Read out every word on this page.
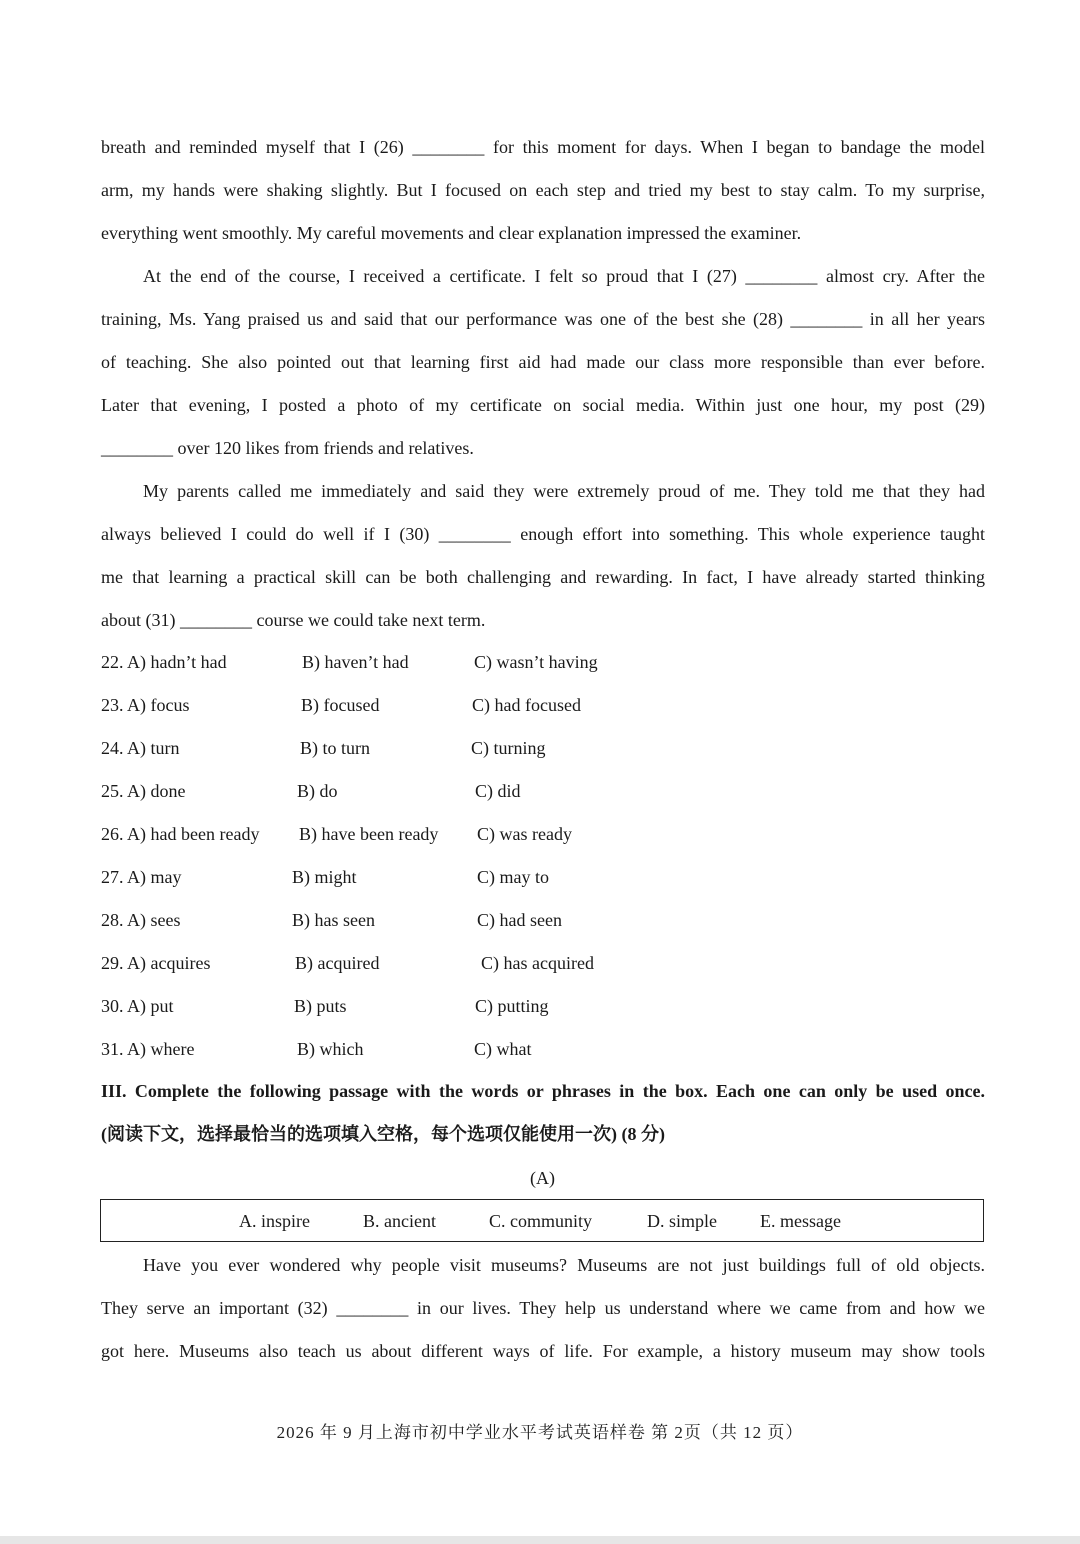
breath and reminded myself that I (26) ________ for this moment for days. When I began to bandage the model
arm, my hands were shaking slightly. But I focused on each step and tried my best to stay calm. To my surprise,
everything went smoothly. My careful movements and clear explanation impressed the examiner.
At the end of the course, I received a certificate. I felt so proud that I (27) ________ almost cry. After the
training, Ms. Yang praised us and said that our performance was one of the best she (28) ________ in all her years
of teaching. She also pointed out that learning first aid had made our class more responsible than ever before.
Later that evening, I posted a photo of my certificate on social media. Within just one hour, my post (29)
________ over 120 likes from friends and relatives.
My parents called me immediately and said they were extremely proud of me. They told me that they had
always believed I could do well if I (30) ________ enough effort into something. This whole experience taught
me that learning a practical skill can be both challenging and rewarding. In fact, I have already started thinking
about (31) ________ course we could take next term.
22. A) hadn’t had	B) haven’t had	C) wasn’t having
23. A) focus	B) focused	C) had focused
24. A) turn	B) to turn	C) turning
25. A) done	B) do	C) did
26. A) had been ready B) have been ready C) was ready
27. A) may	B) might	C) may to
28. A) sees	B) has seen	C) had seen
29. A) acquires	B) acquired	C) has acquired
30. A) put	B) puts	C) putting
31. A) where	B) which	C) what
III. Complete the following passage with the words or phrases in the box. Each one can only be used once.
(阅读下文，选择最恰当的选项填入空格，每个选项仅能使用一次) (8 分)
(A)
A. inspire	B. ancient	C. community	D. simple E. message
Have you ever wondered why people visit museums? Museums are not just buildings full of old objects.
They serve an important (32) ________ in our lives. They help us understand where we came from and how we
got here. Museums also teach us about different ways of life. For example, a history museum may show tools
2026 年 9 月上海市初中学业水平考试英语样卷 第 2页（共 12 页）
